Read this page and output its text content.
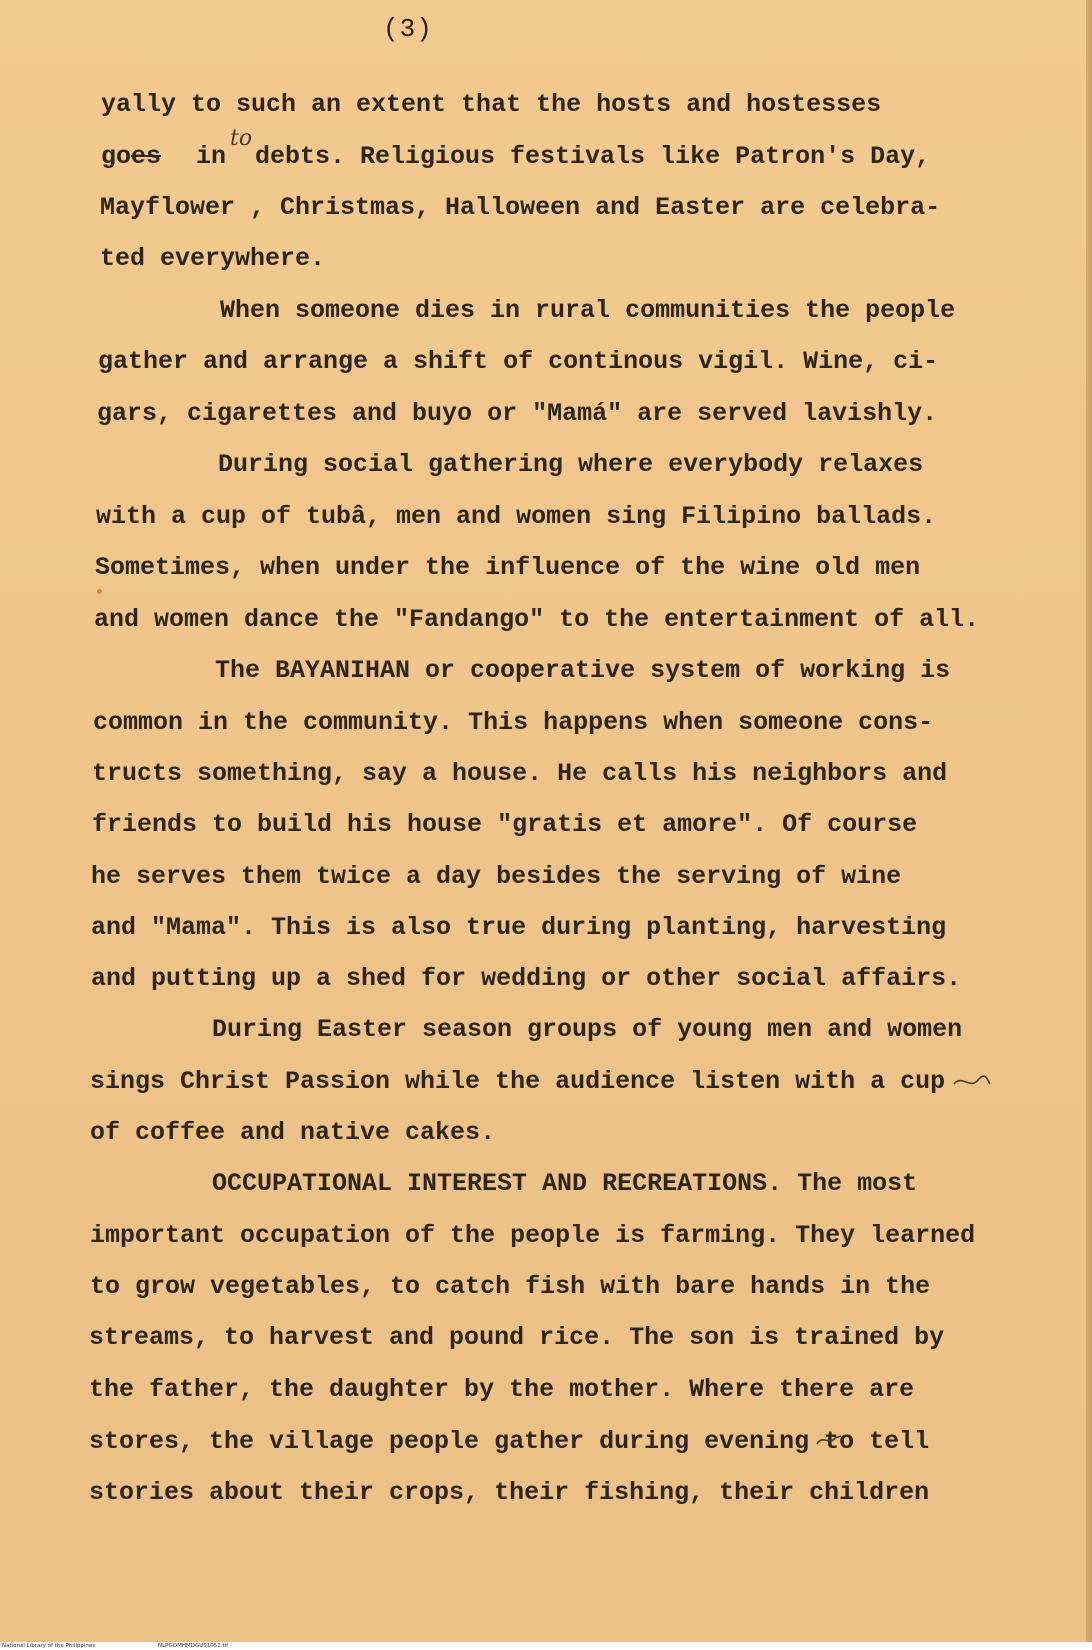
(3)
yally to such an extent that the hosts and hostesses
go es in
to
debts. Religious festivals like Patron's Day,
Mayflower , Christmas, Halloween and Easter are celebra-
ted everywhere.
When someone dies in rural communities the people
gather and arrange a shift of continous vigil. Wine, ci-
gars, cigarettes and buyo or "Mamá" are served lavishly.
During social gathering where everybody relaxes
with a cup of tubâ, men and women sing Filipino ballads.
Sometimes, when under the influence of the wine old men
and women dance the "Fandango" to the entertainment of all.
The BAYANIHAN or cooperative system of working is
common in the community. This happens when someone cons-
tructs something, say a house. He calls his neighbors and
friends to build his house "gratis et amore". Of course
he serves them twice a day besides the serving of wine
and "Mama". This is also true during planting, harvesting
and putting up a shed for wedding or other social affairs.
During Easter season groups of young men and women
sings Christ Passion while the audience listen with a cup
of coffee and native cakes.
OCCUPATIONAL INTEREST AND RECREATIONS. The most
important occupation of the people is farming. They learned
to grow vegetables, to catch fish with bare hands in the
streams, to harvest and pound rice. The son is trained by
the father, the daughter by the mother. Where there are
stores, the village people gather during evening to tell
stories about their crops, their fishing, their children
National Library of the Philippines	NLPGOMHMDGU51052.tif
